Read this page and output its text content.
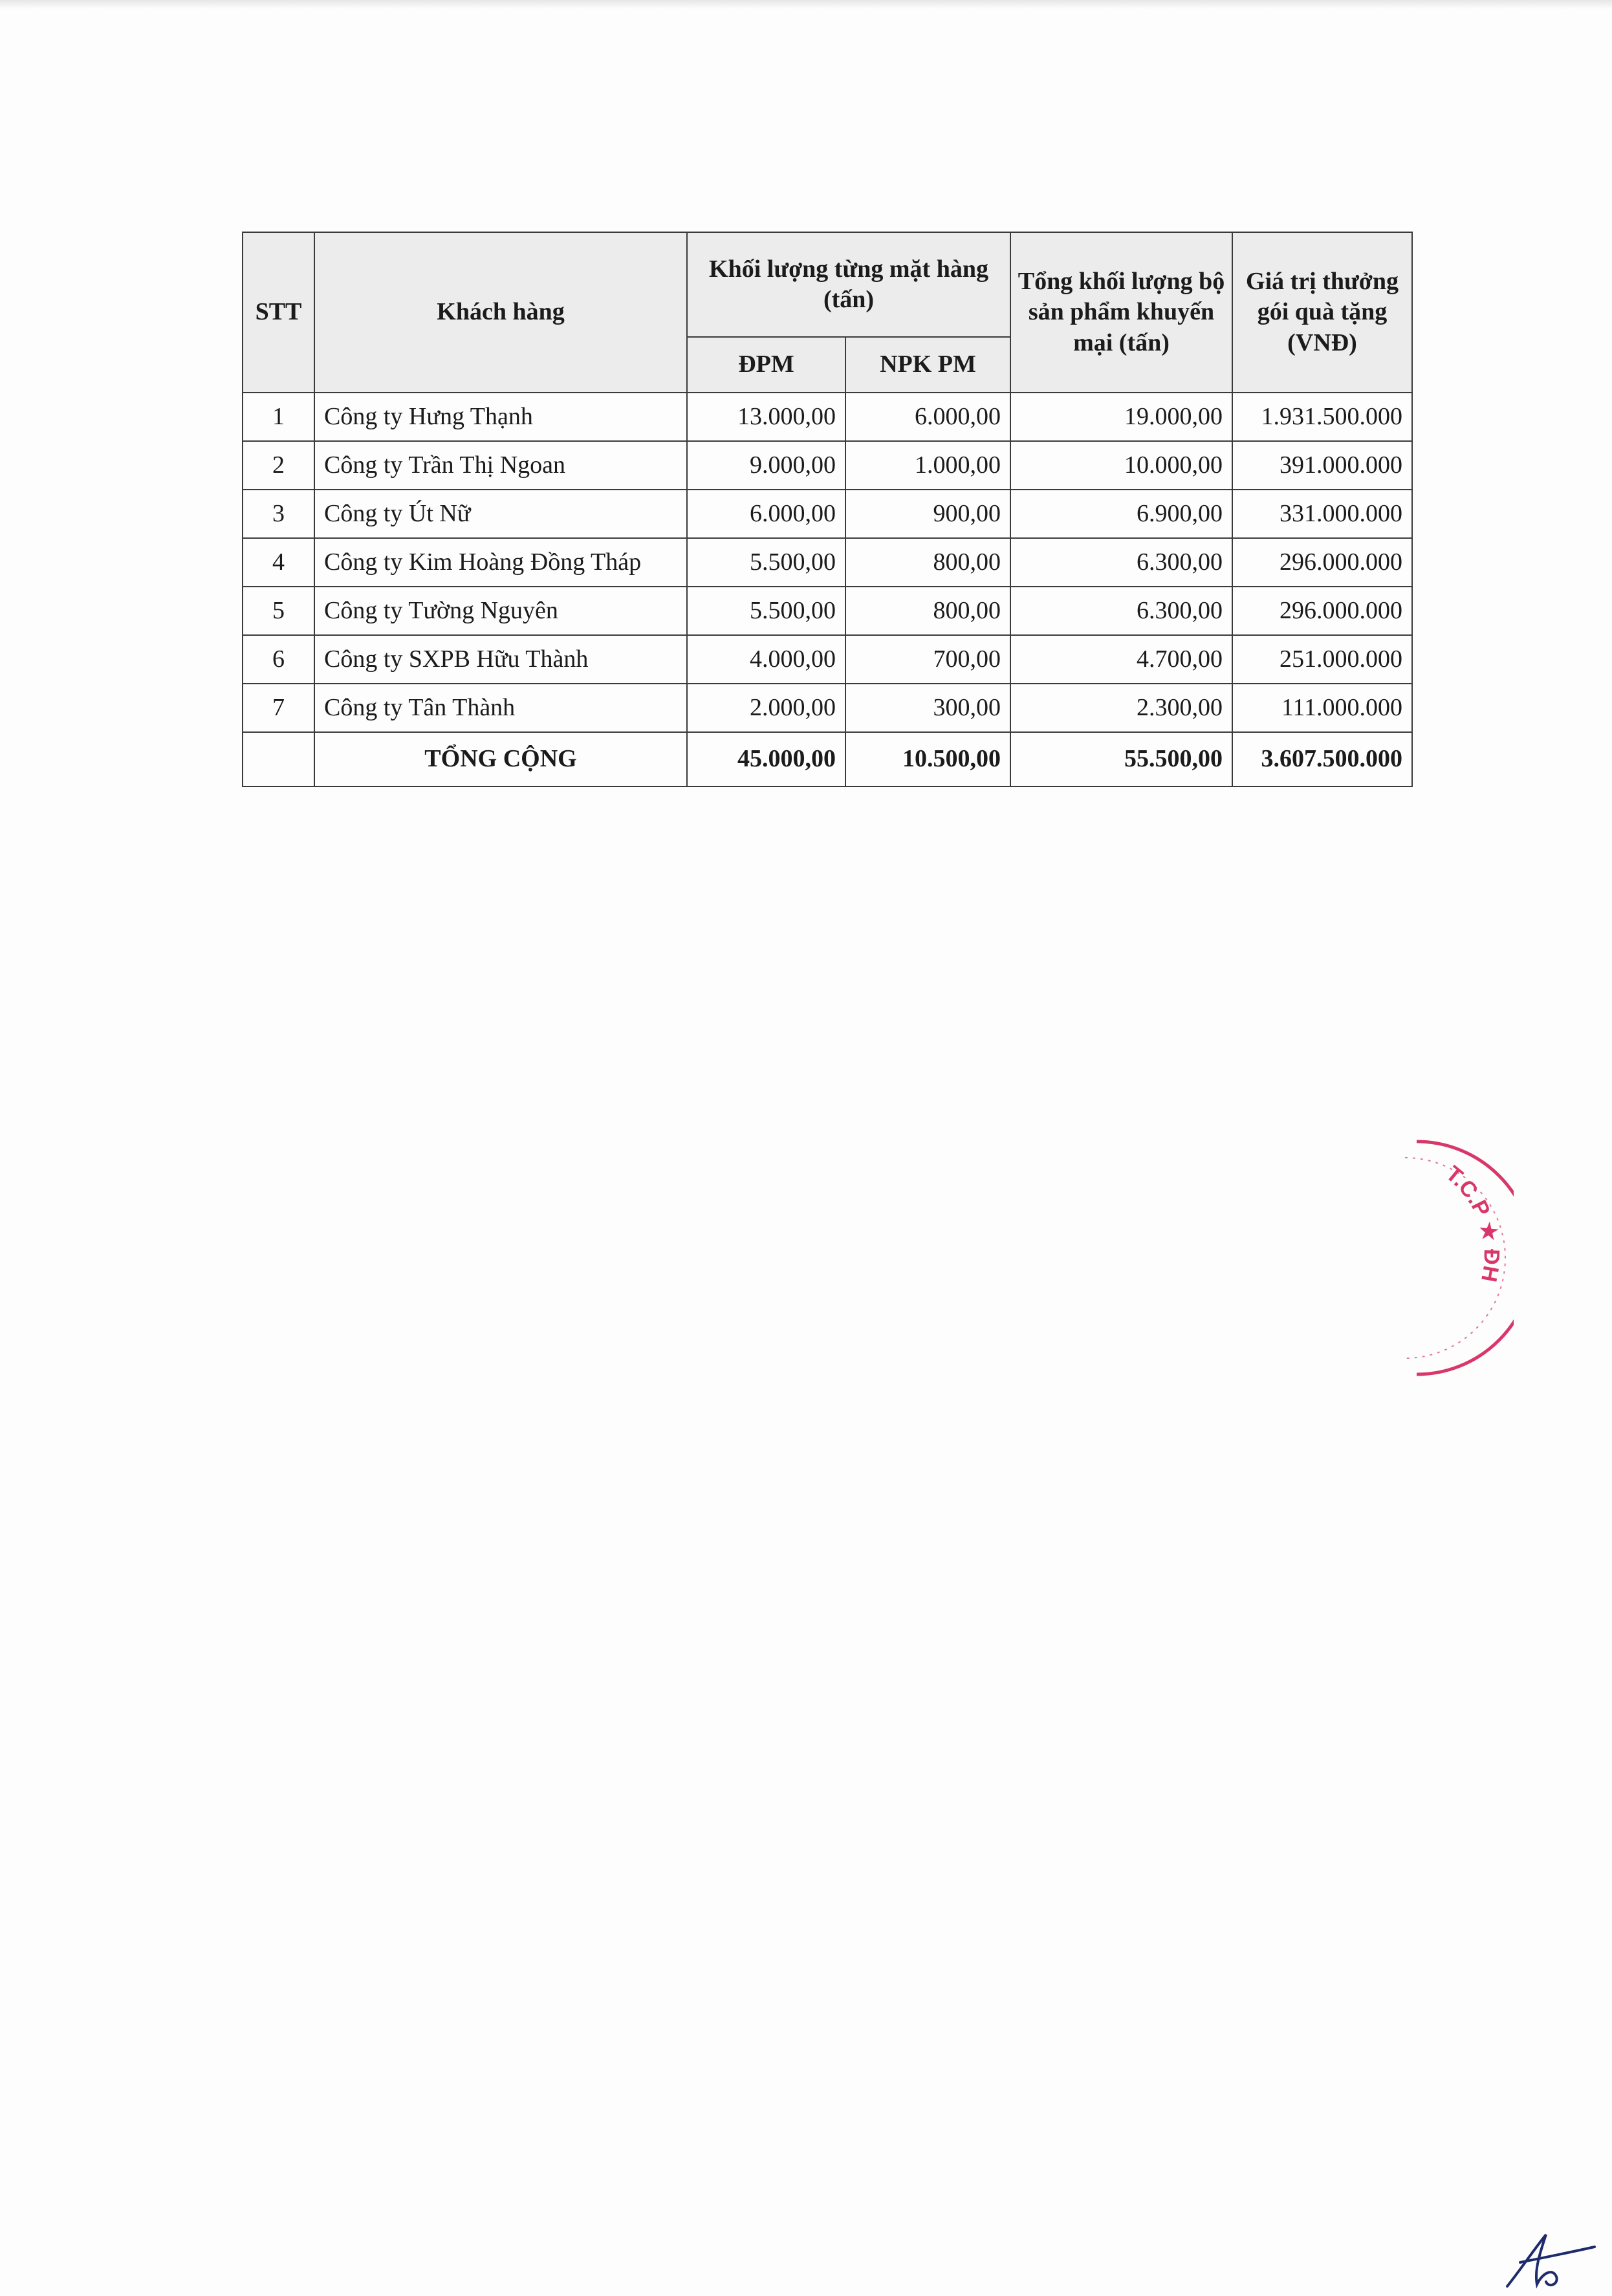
STT	Khách hàng	Khối lượng từng mặt hàng (tấn)		Tổng khối lượng bộ sản phẩm khuyến mại (tấn)	Giá trị thưởng gói quà tặng (VNĐ)
		ĐPM	NPK PM		
1	Công ty Hưng Thạnh	13.000,00	6.000,00	19.000,00	1.931.500.000
2	Công ty Trần Thị Ngoan	9.000,00	1.000,00	10.000,00	391.000.000
3	Công ty Út Nữ	6.000,00	900,00	6.900,00	331.000.000
4	Công ty Kim Hoàng Đồng Tháp	5.500,00	800,00	6.300,00	296.000.000
5	Công ty Tường Nguyên	5.500,00	800,00	6.300,00	296.000.000
6	Công ty SXPB Hữu Thành	4.000,00	700,00	4.700,00	251.000.000
7	Công ty Tân Thành	2.000,00	300,00	2.300,00	111.000.000
	TỔNG CỘNG	45.000,00	10.500,00	55.500,00	3.607.500.000
T.C.P ★ ĐH
